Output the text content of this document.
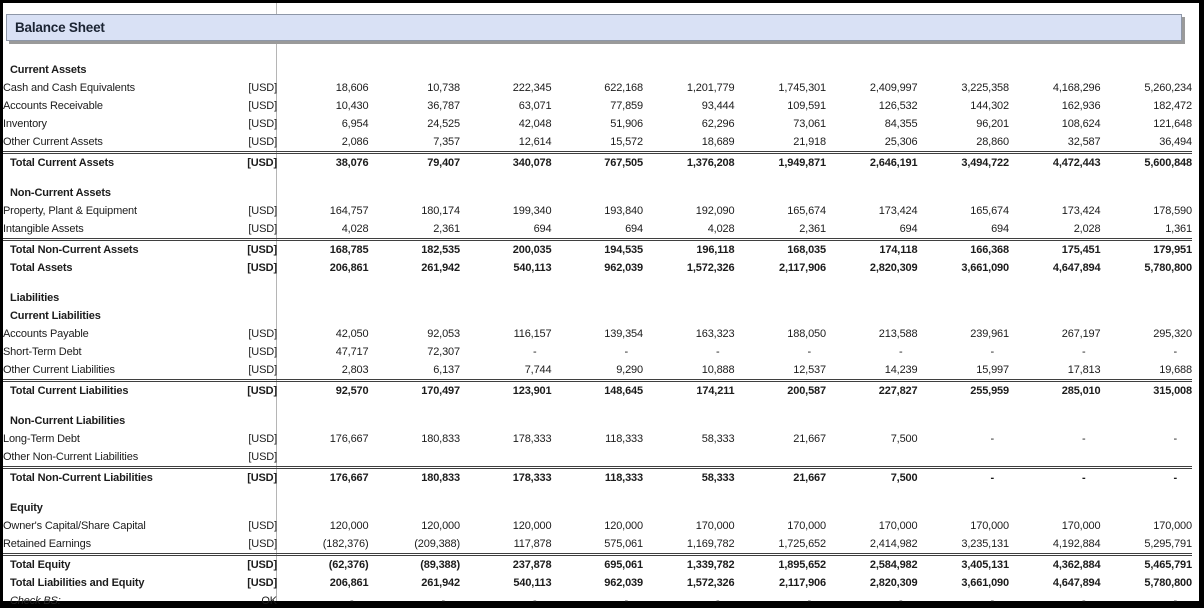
Balance Sheet
Current Assets											
Cash and Cash Equivalents	[USD]	18,606	10,738	222,345	622,168	1,201,779	1,745,301	2,409,997	3,225,358	4,168,296	5,260,234
Accounts Receivable	[USD]	10,430	36,787	63,071	77,859	93,444	109,591	126,532	144,302	162,936	182,472
Inventory	[USD]	6,954	24,525	42,048	51,906	62,296	73,061	84,355	96,201	108,624	121,648
Other Current Assets	[USD]	2,086	7,357	12,614	15,572	18,689	21,918	25,306	28,860	32,587	36,494
Total Current Assets	[USD]	38,076	79,407	340,078	767,505	1,376,208	1,949,871	2,646,191	3,494,722	4,472,443	5,600,848

Non-Current Assets											
Property, Plant & Equipment	[USD]	164,757	180,174	199,340	193,840	192,090	165,674	173,424	165,674	173,424	178,590
Intangible Assets	[USD]	4,028	2,361	694	694	4,028	2,361	694	694	2,028	1,361
Total Non-Current Assets	[USD]	168,785	182,535	200,035	194,535	196,118	168,035	174,118	166,368	175,451	179,951
Total Assets	[USD]	206,861	261,942	540,113	962,039	1,572,326	2,117,906	2,820,309	3,661,090	4,647,894	5,780,800

Liabilities											
Current Liabilities											
Accounts Payable	[USD]	42,050	92,053	116,157	139,354	163,323	188,050	213,588	239,961	267,197	295,320
Short-Term Debt	[USD]	47,717	72,307	-	-	-	-	-	-	-	-
Other Current Liabilities	[USD]	2,803	6,137	7,744	9,290	10,888	12,537	14,239	15,997	17,813	19,688
Total Current Liabilities	[USD]	92,570	170,497	123,901	148,645	174,211	200,587	227,827	255,959	285,010	315,008

Non-Current Liabilities											
Long-Term Debt	[USD]	176,667	180,833	178,333	118,333	58,333	21,667	7,500	-	-	-
Other Non-Current Liabilities	[USD]										
Total Non-Current Liabilities	[USD]	176,667	180,833	178,333	118,333	58,333	21,667	7,500	-	-	-

Equity											
Owner's Capital/Share Capital	[USD]	120,000	120,000	120,000	120,000	170,000	170,000	170,000	170,000	170,000	170,000
Retained Earnings	[USD]	(182,376)	(209,388)	117,878	575,061	1,169,782	1,725,652	2,414,982	3,235,131	4,192,884	5,295,791
Total Equity	[USD]	(62,376)	(89,388)	237,878	695,061	1,339,782	1,895,652	2,584,982	3,405,131	4,362,884	5,465,791
Total Liabilities and Equity	[USD]	206,861	261,942	540,113	962,039	1,572,326	2,117,906	2,820,309	3,661,090	4,647,894	5,780,800
Check BS:	OK	-	-	-	-	-	-	-	-	-	-
